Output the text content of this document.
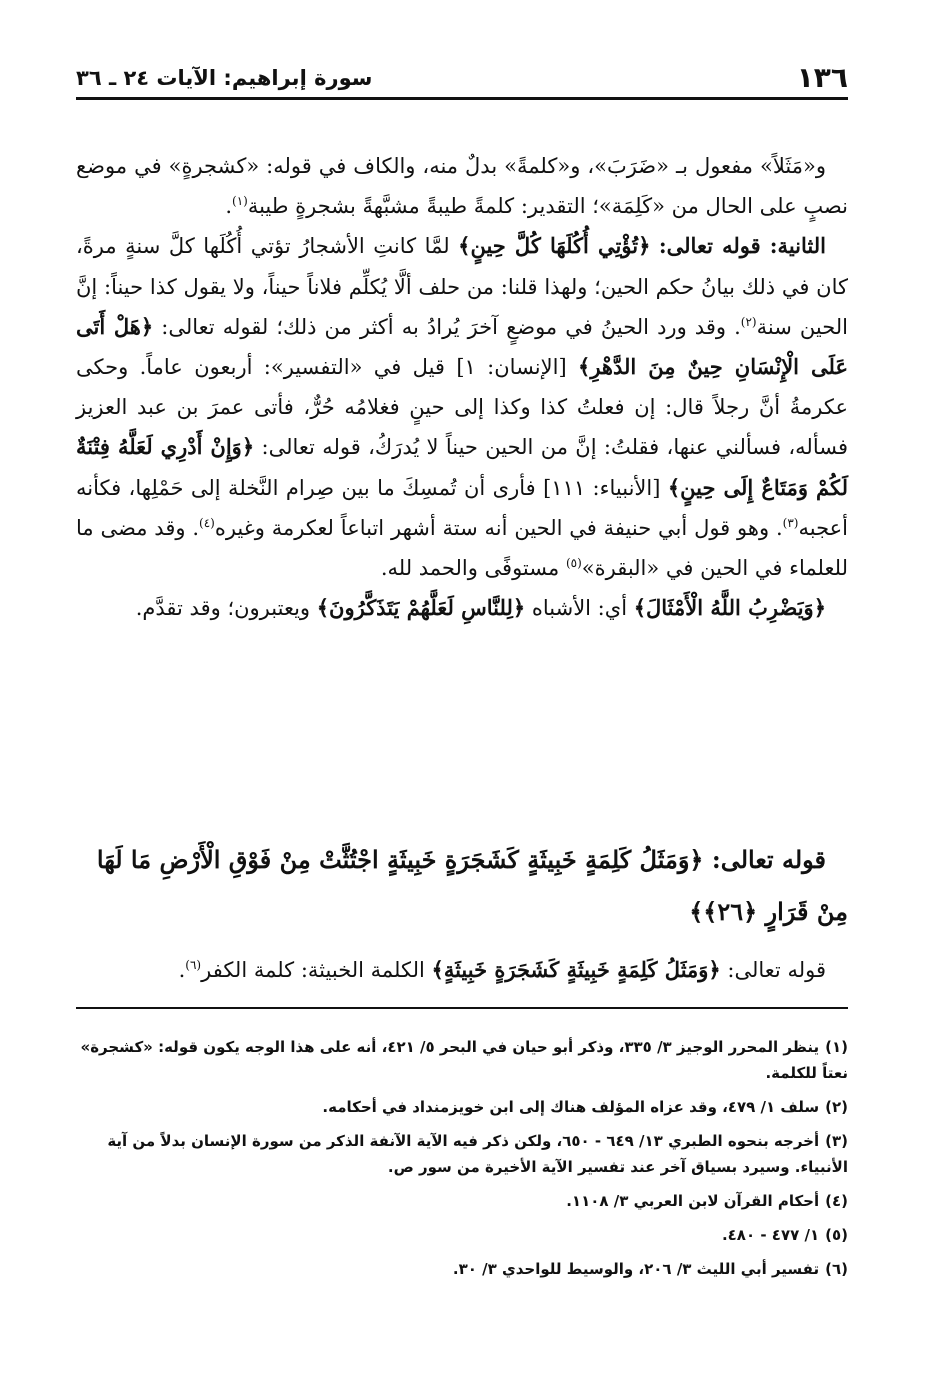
١٣٦
سورة إبراهيم: الآيات ٢٤ ـ ٣٦

و«مَثَلاً» مفعول بـ «ضَرَبَ»، و«كلمةً» بدلٌ منه، والكاف في قوله: «كشجرةٍ» في موضع نصبٍ على الحال من «كَلِمَة»؛ التقدير: كلمةً طيبةً مشبَّهةً بشجرةٍ طيبة$^{(١)}$.

الثانية: قوله تعالى: ﴿تُؤْتِي أُكُلَهَا كُلَّ حِينٍ﴾ لمَّا كانتِ الأشجارُ تؤتي أُكُلَها كلَّ سنةٍ مرةً، كان في ذلك بيانُ حكم الحين؛ ولهذا قلنا: من حلف ألَّا يُكلِّم فلاناً حيناً، ولا يقول كذا حيناً: إنَّ الحين سنة$^{(٢)}$. وقد ورد الحينُ في موضعٍ آخرَ يُرادُ به أكثر من ذلك؛ لقوله تعالى: ﴿هَلْ أَتَى عَلَى الْإِنْسَانِ حِينٌ مِنَ الدَّهْرِ﴾ [الإنسان: ١] قيل في «التفسير»: أربعون عاماً. وحكى عكرمةُ أنَّ رجلاً قال: إن فعلتُ كذا وكذا إلى حينٍ فغلامُه حُرٌّ، فأتى عمرَ بن عبد العزيز فسأله، فسألني عنها، فقلتُ: إنَّ من الحين حيناً لا يُدرَكُ، قوله تعالى: ﴿وَإِنْ أَدْرِي لَعَلَّهُ فِتْنَةٌ لَكُمْ وَمَتَاعٌ إِلَى حِينٍ﴾ [الأنبياء: ١١١] فأرى أن تُمسِكَ ما بين صِرام النَّخلة إلى حَمْلِها، فكأنه أعجبه$^{(٣)}$. وهو قول أبي حنيفة في الحين أنه ستة أشهر اتباعاً لعكرمة وغيره$^{(٤)}$. وقد مضى ما للعلماء في الحين في «البقرة»$^{(٥)}$ مستوفًى والحمد لله.

﴿وَيَضْرِبُ اللَّهُ الْأَمْثَالَ﴾ أي: الأشباه ﴿لِلنَّاسِ لَعَلَّهُمْ يَتَذَكَّرُونَ﴾ ويعتبرون؛ وقد تقدَّم.

قوله تعالى: ﴿وَمَثَلُ كَلِمَةٍ خَبِيثَةٍ كَشَجَرَةٍ خَبِيثَةٍ اجْتُثَّتْ مِنْ فَوْقِ الْأَرْضِ مَا لَهَا مِنْ قَرَارٍ ﴿٢٦﴾﴾
قوله تعالى: ﴿وَمَثَلُ كَلِمَةٍ خَبِيثَةٍ كَشَجَرَةٍ خَبِيثَةٍ﴾ الكلمة الخبيثة: كلمة الكفر$^{(٦)}$.
(١)ينظر المحرر الوجيز ٣/ ٣٣٥، وذكر أبو حيان في البحر ٥/ ٤٢١، أنه على هذا الوجه يكون قوله: «كشجرة» نعتاً للكلمة.
(٢)سلف ١/ ٤٧٩، وقد عزاه المؤلف هناك إلى ابن خويزمنداد في أحكامه.
(٣)أخرجه بنحوه الطبري ١٣/ ٦٤٩ - ٦٥٠، ولكن ذكر فيه الآية الآنفة الذكر من سورة الإنسان بدلاً من آية الأنبياء. وسيرد بسياق آخر عند تفسير الآية الأخيرة من سور ص.
(٤)أحكام القرآن لابن العربي ٣/ ١١٠٨.
(٥)١/ ٤٧٧ - ٤٨٠.
(٦)تفسير أبي الليث ٣/ ٢٠٦، والوسيط للواحدي ٣/ ٣٠.
